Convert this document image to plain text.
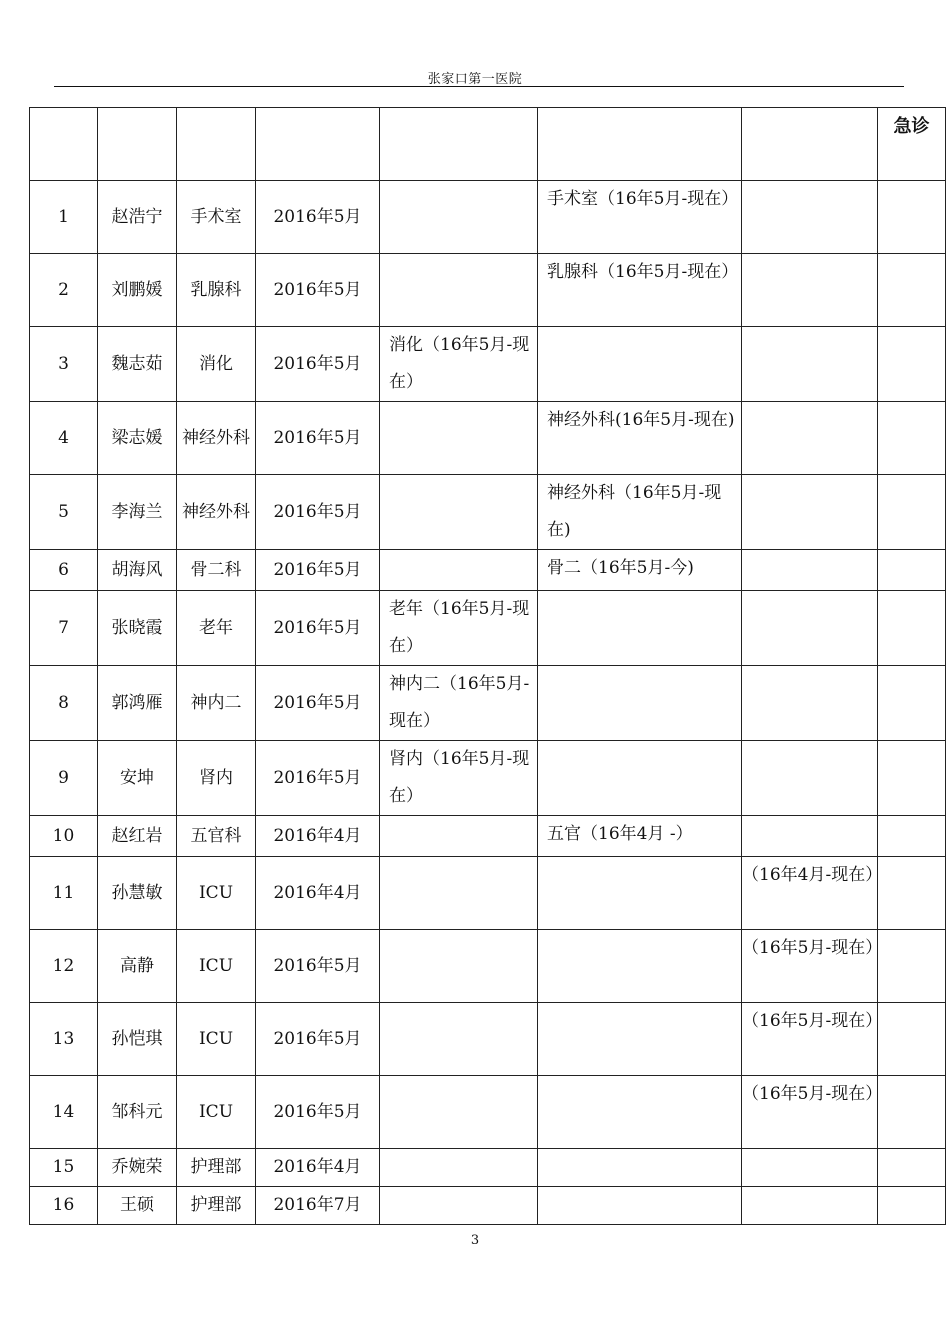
张家口第一医院
							急诊
1	赵浩宁	手术室	2016年5月		手术室（16年5月-现在）		
2	刘鹏媛	乳腺科	2016年5月		乳腺科（16年5月-现在）		
3	魏志茹	消化	2016年5月	消化（16年5月-现在）			
4	梁志媛	神经外科	2016年5月		神经外科(16年5月-现在)		
5	李海兰	神经外科	2016年5月		神经外科（16年5月-现在)		
6	胡海风	骨二科	2016年5月		骨二（16年5月-今)		
7	张晓霞	老年	2016年5月	老年（16年5月-现在）			
8	郭鸿雁	神内二	2016年5月	神内二（16年5月-现在）			
9	安坤	肾内	2016年5月	肾内（16年5月-现在）			
10	赵红岩	五官科	2016年4月		五官（16年4月 -）		
11	孙慧敏	ICU	2016年4月			（16年4月-现在）	
12	高静	ICU	2016年5月			（16年5月-现在）	
13	孙恺琪	ICU	2016年5月			（16年5月-现在）	
14	邹科元	ICU	2016年5月			（16年5月-现在）	
15	乔婉荣	护理部	2016年4月				
16	王硕	护理部	2016年7月				
3
